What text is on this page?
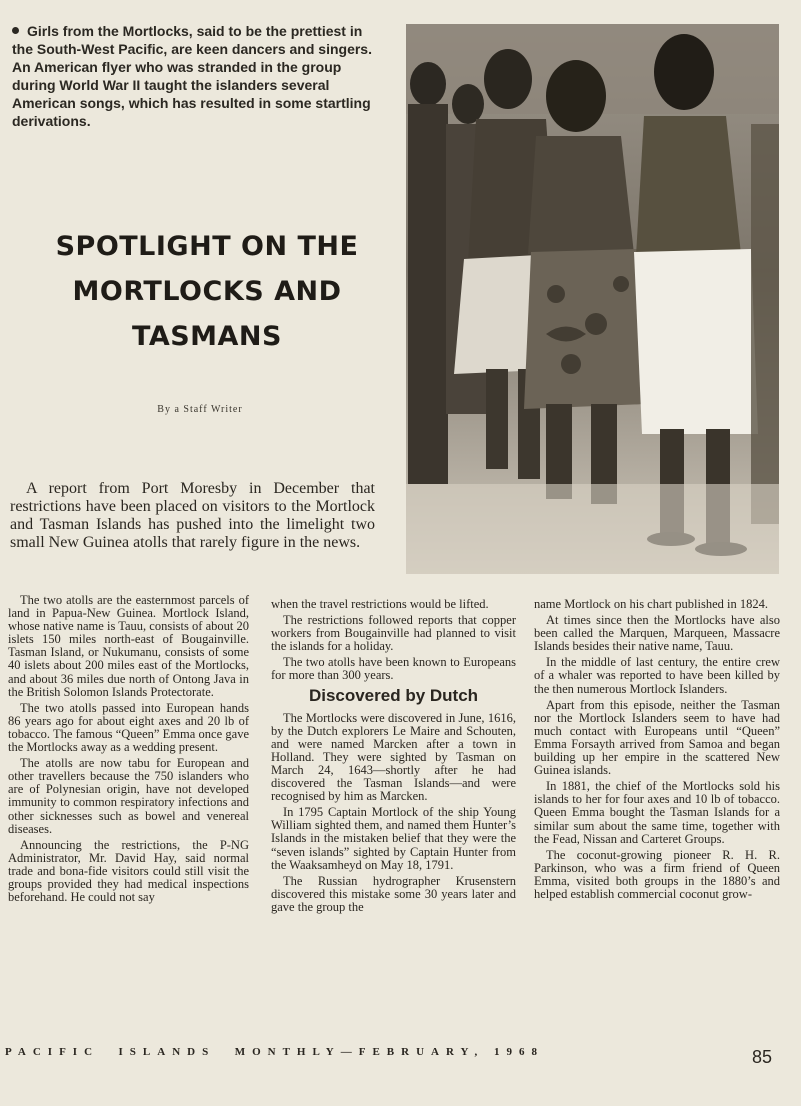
Girls from the Mortlocks, said to be the prettiest in the South-West Pacific, are keen dancers and singers. An American flyer who was stranded in the group during World War II taught the islanders several American songs, which has resulted in some startling derivations.
SPOTLIGHT ON THE
MORTLOCKS AND
TASMANS
By a Staff Writer
A report from Port Moresby in December that restrictions have been placed on visitors to the Mortlock and Tasman Islands has pushed into the limelight two small New Guinea atolls that rarely figure in the news.

The two atolls are the easternmost parcels of land in Papua-New Guinea. Mortlock Island, whose native name is Tauu, consists of about 20 islets 150 miles north-east of Bougainville. Tasman Island, or Nukumanu, consists of some 40 islets about 200 miles east of the Mortlocks, and about 36 miles due north of Ontong Java in the British Solomon Islands Protectorate.

The two atolls passed into European hands 86 years ago for about eight axes and 20 lb of tobacco. The famous “Queen” Emma once gave the Mortlocks away as a wedding present.

The atolls are now tabu for European and other travellers because the 750 islanders who are of Polynesian origin, have not developed immunity to common respiratory infections and other sicknesses such as bowel and venereal diseases.

Announcing the restrictions, the P-NG Administrator, Mr. David Hay, said normal trade and bona-fide visitors could still visit the groups provided they had medical inspections beforehand. He could not say

when the travel restrictions would be lifted.

The restrictions followed reports that copper workers from Bougainville had planned to visit the islands for a holiday.

The two atolls have been known to Europeans for more than 300 years.

Discovered by Dutch

The Mortlocks were discovered in June, 1616, by the Dutch explorers Le Maire and Schouten, and were named Marcken after a town in Holland. They were sighted by Tasman on March 24, 1643—shortly after he had discovered the Tasman Islands—and were recognised by him as Marcken.

In 1795 Captain Mortlock of the ship Young William sighted them, and named them Hunter’s Islands in the mistaken belief that they were the “seven islands” sighted by Captain Hunter from the Waaksamheyd on May 18, 1791.

The Russian hydrographer Krusenstern discovered this mistake some 30 years later and gave the group the

name Mortlock on his chart published in 1824.

At times since then the Mortlocks have also been called the Marquen, Marqueen, Massacre Islands besides their native name, Tauu.

In the middle of last century, the entire crew of a whaler was reported to have been killed by the then numerous Mortlock Islanders.

Apart from this episode, neither the Tasman nor the Mortlock Islanders seem to have had much contact with Europeans until “Queen” Emma Forsayth arrived from Samoa and began building up her empire in the scattered New Guinea islands.

In 1881, the chief of the Mortlocks sold his islands to her for four axes and 10 lb of tobacco. Queen Emma bought the Tasman Islands for a similar sum about the same time, together with the Fead, Nissan and Carteret Groups.

The coconut-growing pioneer R. H. R. Parkinson, who was a firm friend of Queen Emma, visited both groups in the 1880’s and helped establish commercial coconut grow-

PACIFIC  ISLANDS  MONTHLY—FEBRUARY, 1968	85
